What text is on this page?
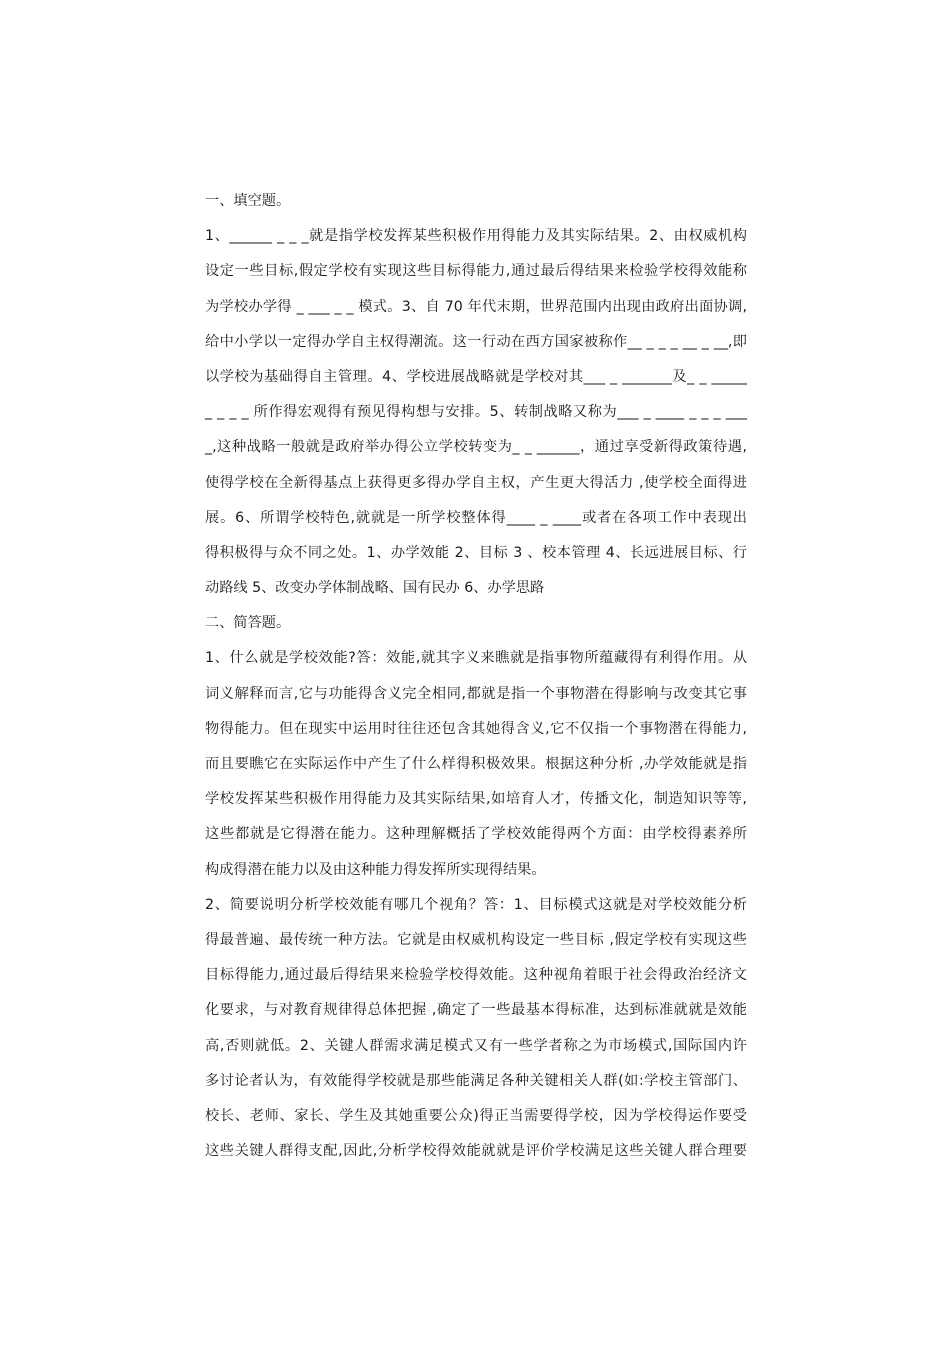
一、填空题。
1、______ _ _ _就是指学校发挥某些积极作用得能力及其实际结果。2、由权威机构
设定一些目标,假定学校有实现这些目标得能力,通过最后得结果来检验学校得效能称
为学校办学得 _ ___ _ _ 模式。3、自 70 年代末期，世界范围内出现由政府出面协调,
给中小学以一定得办学自主权得潮流。这一行动在西方国家被称作__ _ _ _ __ _ __,即
以学校为基础得自主管理。4、学校进展战略就是学校对其___ _ _______及_ _ _____
_ _ _ _ 所作得宏观得有预见得构想与安排。5、转制战略又称为___ _ ____ _ _ _ ___
_,这种战略一般就是政府举办得公立学校转变为_ _ ______，通过享受新得政策待遇,
使得学校在全新得基点上获得更多得办学自主权，产生更大得活力 ,使学校全面得进
展。6、所谓学校特色,就就是一所学校整体得____ _ ____或者在各项工作中表现出
得积极得与众不同之处。1、办学效能 2、目标 3 、校本管理 4、长远进展目标、行
动路线 5、改变办学体制战略、国有民办 6、办学思路
二、简答题。
1、什么就是学校效能?答：效能,就其字义来瞧就是指事物所蕴藏得有利得作用。从
词义解释而言,它与功能得含义完全相同,都就是指一个事物潜在得影响与改变其它事
物得能力。但在现实中运用时往往还包含其她得含义,它不仅指一个事物潜在得能力,
而且要瞧它在实际运作中产生了什么样得积极效果。根据这种分析 ,办学效能就是指
学校发挥某些积极作用得能力及其实际结果,如培育人才，传播文化，制造知识等等,
这些都就是它得潜在能力。这种理解概括了学校效能得两个方面：由学校得素养所
构成得潜在能力以及由这种能力得发挥所实现得结果。
2、简要说明分析学校效能有哪几个视角？答：1、目标模式这就是对学校效能分析
得最普遍、最传统一种方法。它就是由权威机构设定一些目标 ,假定学校有实现这些
目标得能力,通过最后得结果来检验学校得效能。这种视角着眼于社会得政治经济文
化要求，与对教育规律得总体把握 ,确定了一些最基本得标准，达到标准就就是效能
高,否则就低。2、关键人群需求满足模式又有一些学者称之为市场模式,国际国内许
多讨论者认为，有效能得学校就是那些能满足各种关键相关人群(如:学校主管部门、
校长、老师、家长、学生及其她重要公众)得正当需要得学校，因为学校得运作要受
这些关键人群得支配,因此,分析学校得效能就就是评价学校满足这些关键人群合理要
